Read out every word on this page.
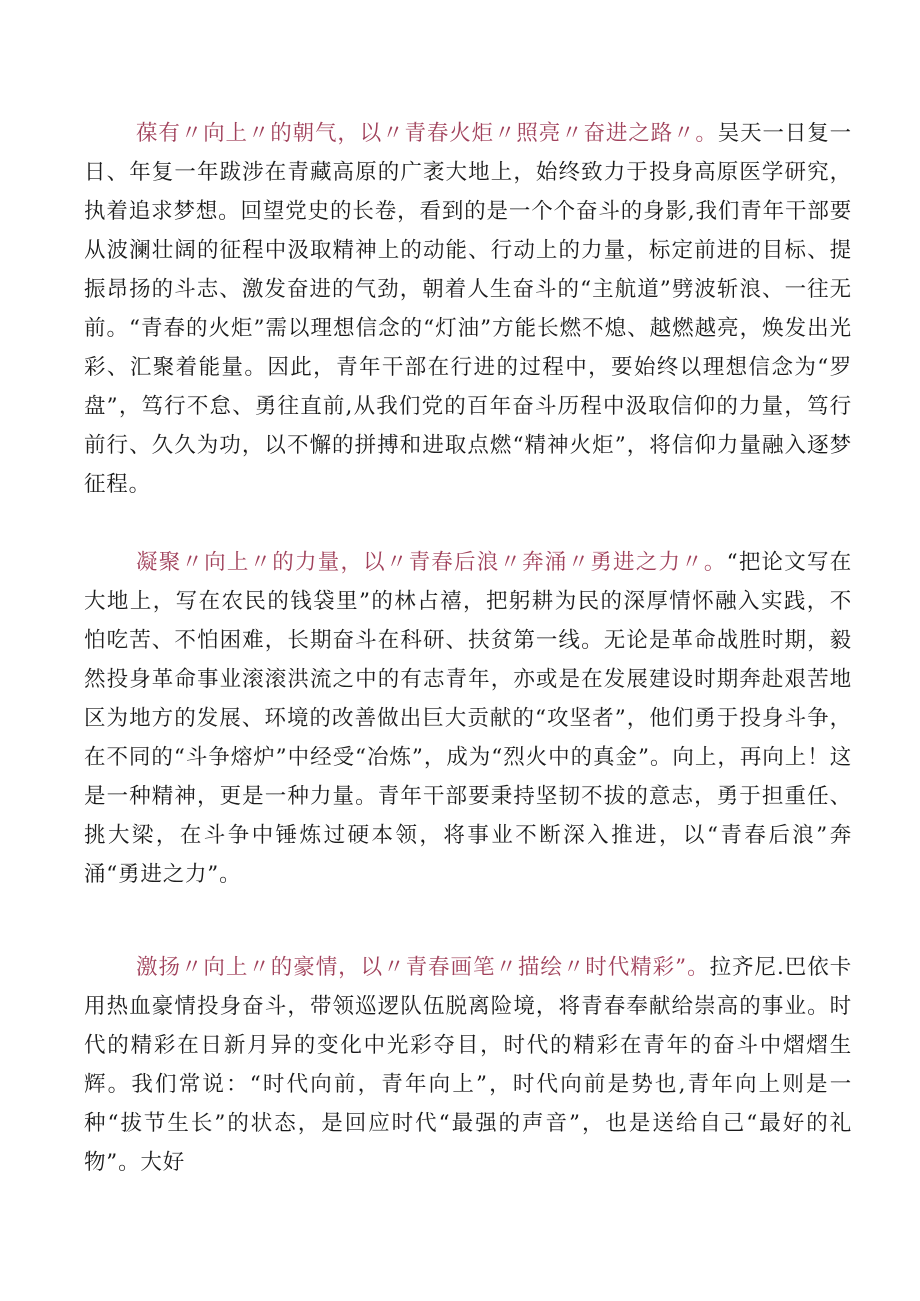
葆有〃向上〃的朝气，以〃青春火炬〃照亮〃奋进之路〃。吴天一日复一日、年复一年跋涉在青藏高原的广袤大地上，始终致力于投身高原医学研究，执着追求梦想。回望党史的长卷，看到的是一个个奋斗的身影,我们青年干部要从波澜壮阔的征程中汲取精神上的动能、行动上的力量，标定前进的目标、提振昂扬的斗志、激发奋进的气劲，朝着人生奋斗的“主航道”劈波斩浪、一往无前。“青春的火炬”需以理想信念的“灯油”方能长燃不熄、越燃越亮，焕发出光彩、汇聚着能量。因此，青年干部在行进的过程中，要始终以理想信念为“罗盘”，笃行不怠、勇往直前,从我们党的百年奋斗历程中汲取信仰的力量，笃行前行、久久为功，以不懈的拼搏和进取点燃“精神火炬”，将信仰力量融入逐梦征程。

凝聚〃向上〃的力量，以〃青春后浪〃奔涌〃勇进之力〃。“把论文写在大地上，写在农民的钱袋里”的林占禧，把躬耕为民的深厚情怀融入实践，不怕吃苦、不怕困难，长期奋斗在科研、扶贫第一线。无论是革命战胜时期，毅然投身革命事业滚滚洪流之中的有志青年，亦或是在发展建设时期奔赴艰苦地区为地方的发展、环境的改善做出巨大贡献的“攻坚者”，他们勇于投身斗争，在不同的“斗争熔炉”中经受“冶炼”，成为“烈火中的真金”。向上，再向上！这是一种精神，更是一种力量。青年干部要秉持坚韧不拔的意志，勇于担重任、挑大梁，在斗争中锤炼过硬本领，将事业不断深入推进，以“青春后浪”奔涌“勇进之力”。

激扬〃向上〃的豪情，以〃青春画笔〃描绘〃时代精彩”。拉齐尼.巴依卡用热血豪情投身奋斗，带领巡逻队伍脱离险境，将青春奉献给崇高的事业。时代的精彩在日新月异的变化中光彩夺目，时代的精彩在青年的奋斗中熠熠生辉。我们常说：“时代向前，青年向上”，时代向前是势也,青年向上则是一种“拔节生长”的状态，是回应时代“最强的声音”，也是送给自己“最好的礼物”。大好
